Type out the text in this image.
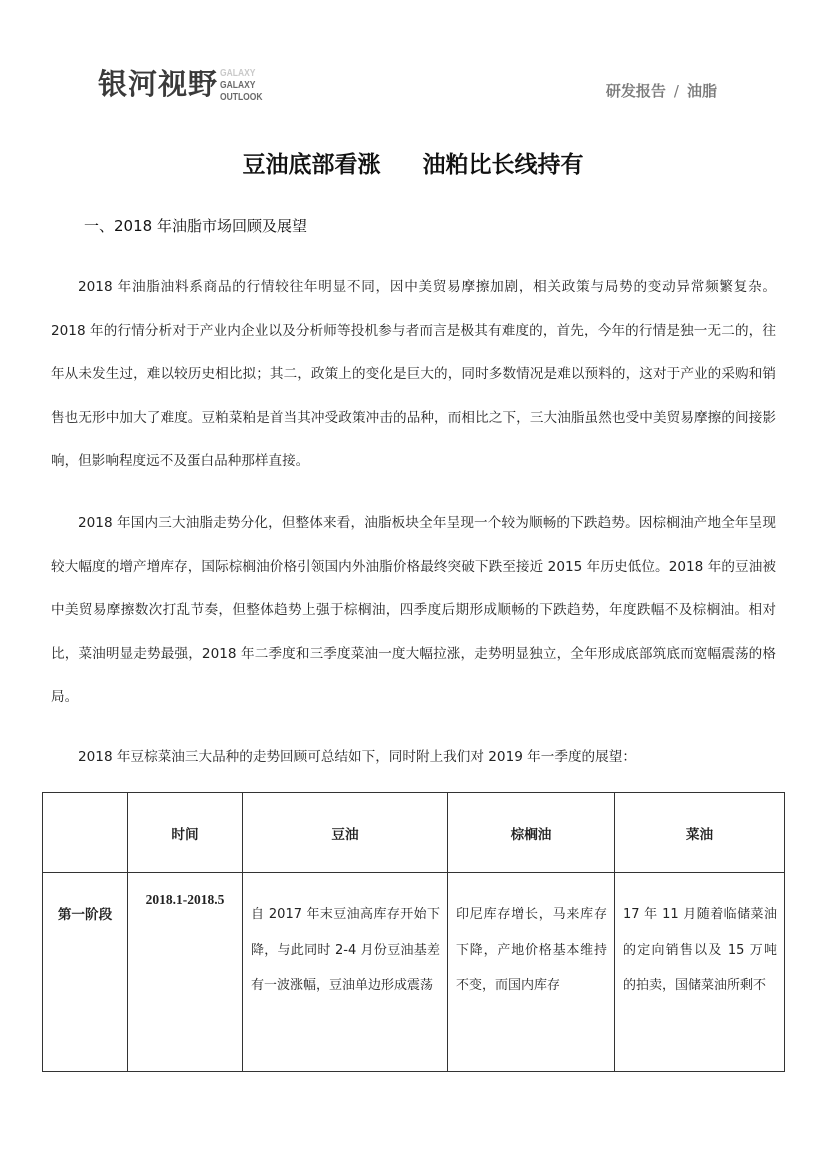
银河视野 GALAXY
GALAXY
OUTLOOK	研发报告 / 油脂
豆油底部看涨 油粕比长线持有
一、2018 年油脂市场回顾及展望

2018 年油脂油料系商品的行情较往年明显不同，因中美贸易摩擦加剧，相关政策与局势的变动异常频繁复杂。2018 年的行情分析对于产业内企业以及分析师等投机参与者而言是极其有难度的，首先，今年的行情是独一无二的，往年从未发生过，难以较历史相比拟；其二，政策上的变化是巨大的，同时多数情况是难以预料的，这对于产业的采购和销售也无形中加大了难度。豆粕菜粕是首当其冲受政策冲击的品种，而相比之下，三大油脂虽然也受中美贸易摩擦的间接影响，但影响程度远不及蛋白品种那样直接。

2018 年国内三大油脂走势分化，但整体来看，油脂板块全年呈现一个较为顺畅的下跌趋势。因棕榈油产地全年呈现较大幅度的增产增库存，国际棕榈油价格引领国内外油脂价格最终突破下跌至接近 2015 年历史低位。2018 年的豆油被中美贸易摩擦数次打乱节奏，但整体趋势上强于棕榈油，四季度后期形成顺畅的下跌趋势，年度跌幅不及棕榈油。相对比，菜油明显走势最强，2018 年二季度和三季度菜油一度大幅拉涨，走势明显独立，全年形成底部筑底而宽幅震荡的格局。

2018 年豆棕菜油三大品种的走势回顾可总结如下，同时附上我们对 2019 年一季度的展望：

	时间	豆油	棕榈油	菜油
第一阶段	2018.1-2018.5	自 2017 年末豆油高库存开始下降，与此同时 2-4 月份豆油基差有一波涨幅，豆油单边形成震荡	印尼库存增长，马来库存下降，产地价格基本维持不变，而国内库存	17 年 11 月随着临储菜油的定向销售以及 15 万吨的拍卖，国储菜油所剩不
